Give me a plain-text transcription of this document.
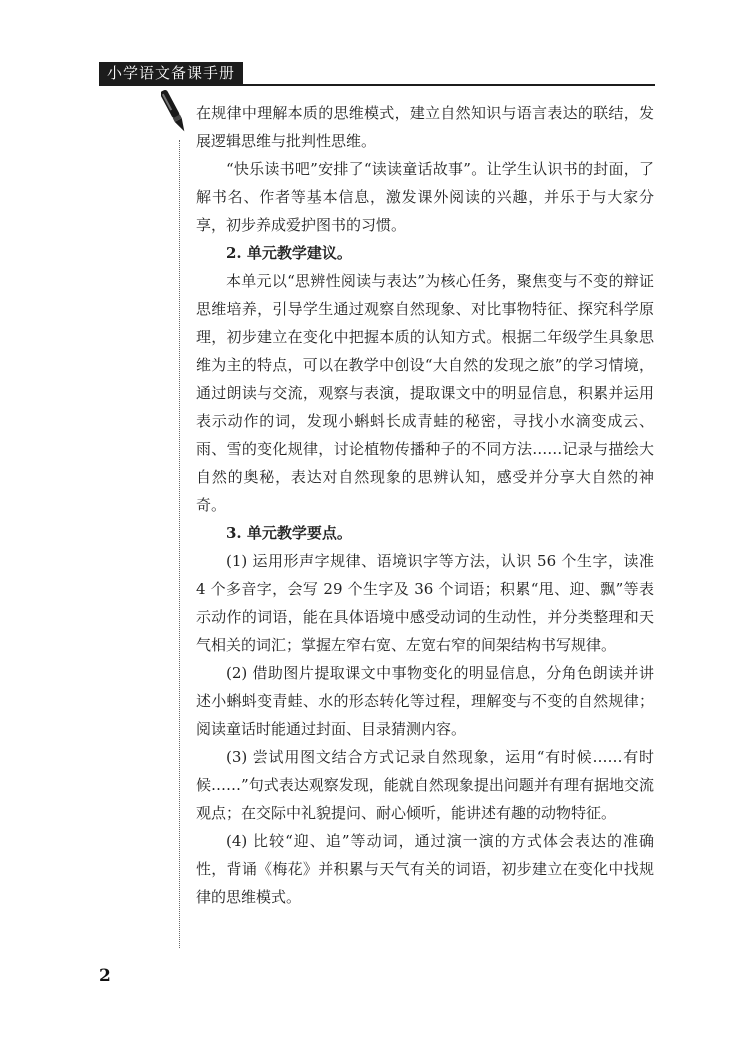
小学语文备课手册

在规律中理解本质的思维模式，建立自然知识与语言表达的联结，发展逻辑思维与批判性思维。

“快乐读书吧”安排了“读读童话故事”。让学生认识书的封面，了解书名、作者等基本信息，激发课外阅读的兴趣，并乐于与大家分享，初步养成爱护图书的习惯。

2. 单元教学建议。

本单元以“思辨性阅读与表达”为核心任务，聚焦变与不变的辩证思维培养，引导学生通过观察自然现象、对比事物特征、探究科学原理，初步建立在变化中把握本质的认知方式。根据二年级学生具象思维为主的特点，可以在教学中创设“大自然的发现之旅”的学习情境，通过朗读与交流，观察与表演，提取课文中的明显信息，积累并运用表示动作的词，发现小蝌蚪长成青蛙的秘密，寻找小水滴变成云、雨、雪的变化规律，讨论植物传播种子的不同方法……记录与描绘大自然的奥秘，表达对自然现象的思辨认知，感受并分享大自然的神奇。

3. 单元教学要点。

(1) 运用形声字规律、语境识字等方法，认识 56 个生字，读准 4 个多音字，会写 29 个生字及 36 个词语；积累“甩、迎、飘”等表示动作的词语，能在具体语境中感受动词的生动性，并分类整理和天气相关的词汇；掌握左窄右宽、左宽右窄的间架结构书写规律。

(2) 借助图片提取课文中事物变化的明显信息，分角色朗读并讲述小蝌蚪变青蛙、水的形态转化等过程，理解变与不变的自然规律；阅读童话时能通过封面、目录猜测内容。

(3) 尝试用图文结合方式记录自然现象，运用“有时候……有时候……”句式表达观察发现，能就自然现象提出问题并有理有据地交流观点；在交际中礼貌提问、耐心倾听，能讲述有趣的动物特征。

(4) 比较“迎、追”等动词，通过演一演的方式体会表达的准确性，背诵《梅花》并积累与天气有关的词语，初步建立在变化中找规律的思维模式。

2
